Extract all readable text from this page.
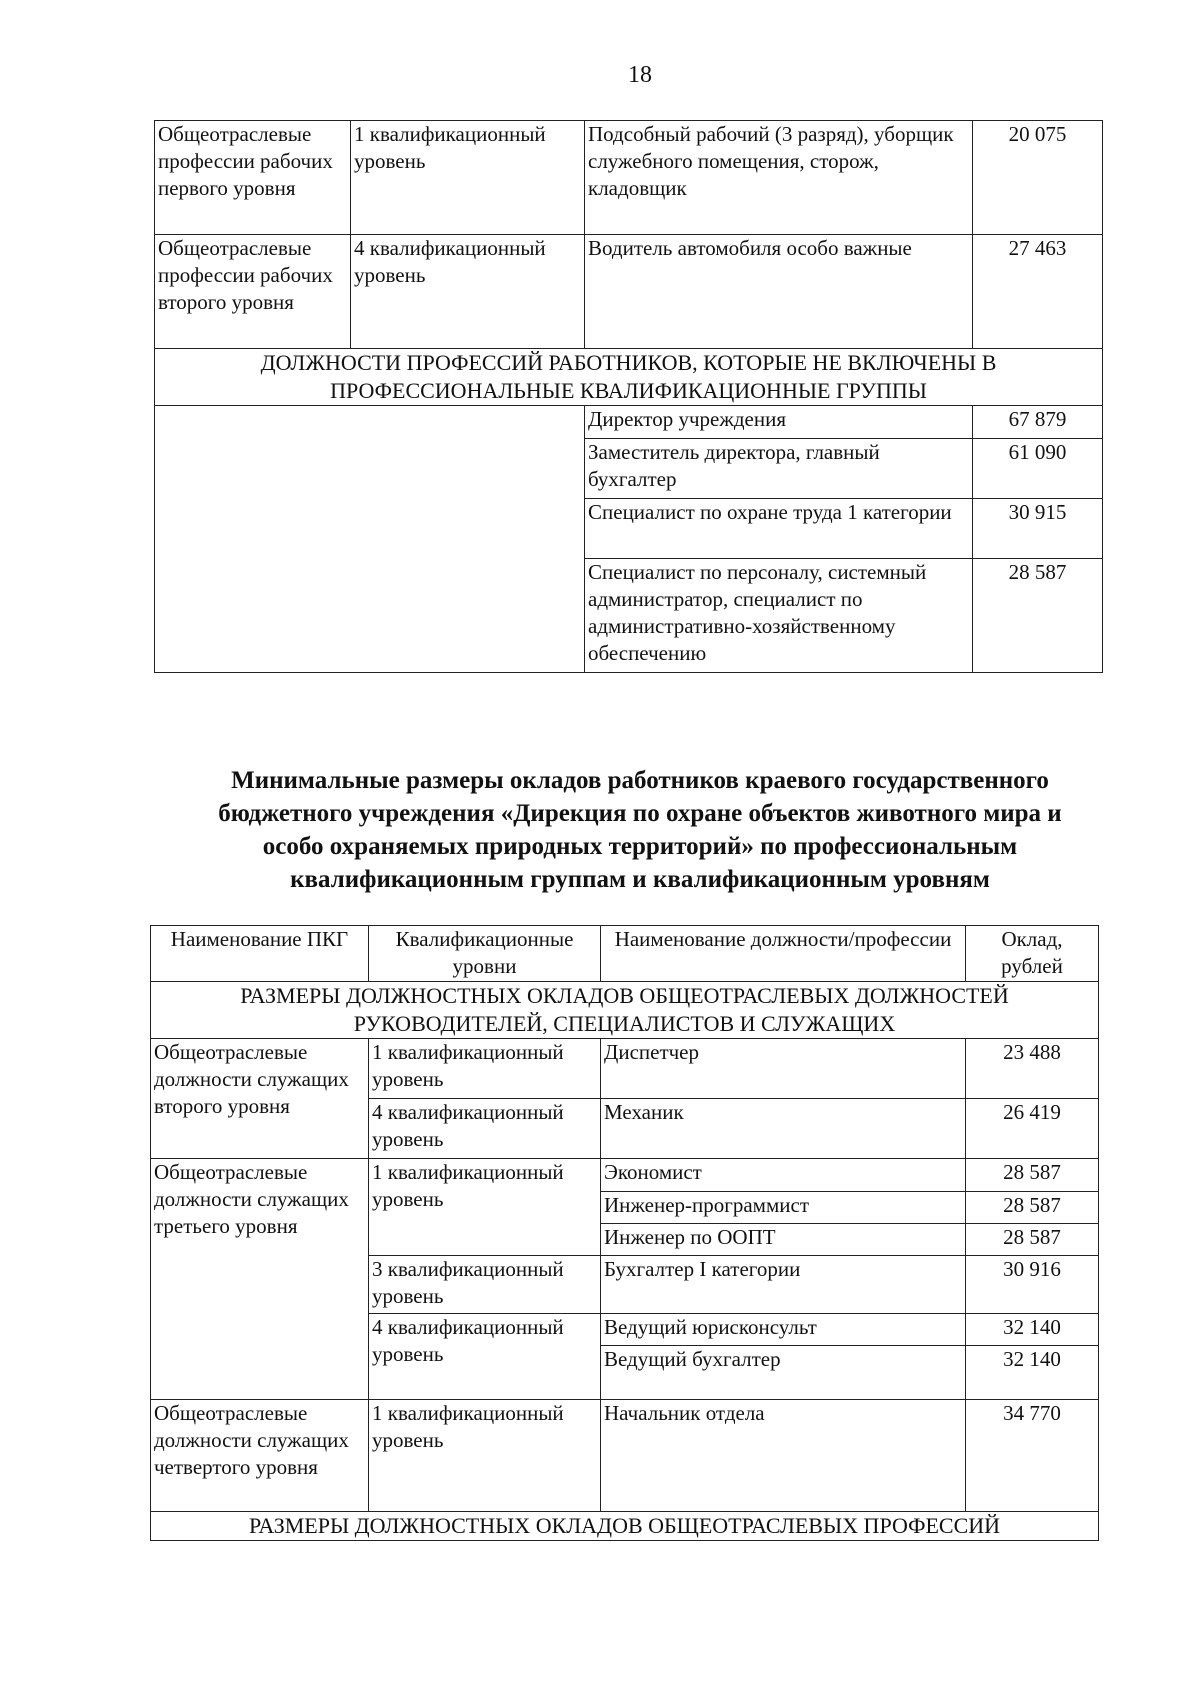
18
Общеотраслевые профессии рабочих первого уровня	1 квалификационный уровень	Подсобный рабочий (3 разряд), уборщик служебного помещения, сторож, кладовщик	20 075
Общеотраслевые профессии рабочих второго уровня	4 квалификационный уровень	Водитель автомобиля особо важные	27 463
ДОЛЖНОСТИ ПРОФЕССИЙ РАБОТНИКОВ, КОТОРЫЕ НЕ ВКЛЮЧЕНЫ В ПРОФЕССИОНАЛЬНЫЕ КВАЛИФИКАЦИОННЫЕ ГРУППЫ			
		Директор учреждения	67 879
		Заместитель директора, главный бухгалтер	61 090
		Специалист по охране труда 1 категории	30 915
		Специалист по персоналу, системный администратор, специалист по административно-хозяйственному обеспечению	28 587
Минимальные размеры окладов работников краевого государственного
бюджетного учреждения «Дирекция по охране объектов животного мира и
особо охраняемых природных территорий» по профессиональным
квалификационным группам и квалификационным уровням
Наименование ПКГ	Квалификационные уровни	Наименование должности/профессии	Оклад, рублей
РАЗМЕРЫ ДОЛЖНОСТНЫХ ОКЛАДОВ ОБЩЕОТРАСЛЕВЫХ ДОЛЖНОСТЕЙ РУКОВОДИТЕЛЕЙ, СПЕЦИАЛИСТОВ И СЛУЖАЩИХ			
Общеотраслевые должности служащих второго уровня	1 квалификационный уровень	Диспетчер	23 488
	4 квалификационный уровень	Механик	26 419
Общеотраслевые должности служащих третьего уровня	1 квалификационный уровень	Экономист	28 587
		Инженер-программист	28 587
		Инженер по ООПТ	28 587
	3 квалификационный уровень	Бухгалтер I категории	30 916
	4 квалификационный уровень	Ведущий юрисконсульт	32 140
		Ведущий бухгалтер	32 140

Общеотраслевые должности служащих четвертого уровня	1 квалификационный уровень	Начальник отдела	34 770
РАЗМЕРЫ ДОЛЖНОСТНЫХ ОКЛАДОВ ОБЩЕОТРАСЛЕВЫХ ПРОФЕССИЙ			
